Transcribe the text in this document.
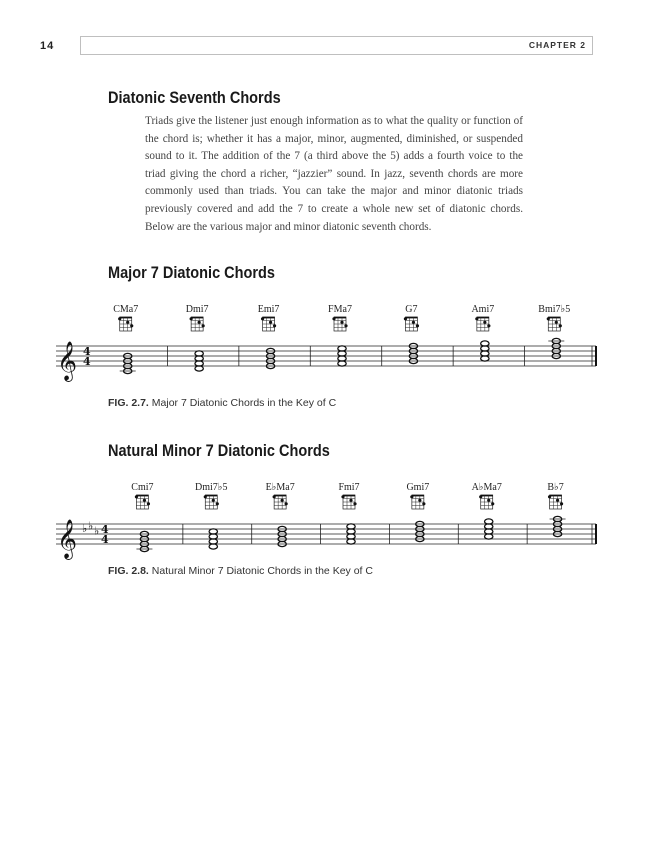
14	CHAPTER 2
Diatonic Seventh Chords

Triads give the listener just enough information as to what the quality or function of the chord is; whether it has a major, minor, augmented, diminished, or suspended sound to it. The addition of the 7 (a third above the 5) adds a fourth voice to the triad giving the chord a richer, “jazzier” sound. In jazz, seventh chords are more commonly used than triads. You can take the major and minor diatonic triads previously covered and add the 7 to create a whole new set of diatonic chords. Below are the various major and minor diatonic seventh chords.

Major 7 Diatonic Chords
𝄞 4
4
CMa7	Dmi7	Emi7	FMa7	G7	Ami7	Bmi7♭5

FIG. 2.7. Major 7 Diatonic Chords in the Key of C

Natural Minor 7 Diatonic Chords
𝄞 ♭ ♭ ♭ 4
4
Cmi7	Dmi7♭5	E♭Ma7	Fmi7	Gmi7	A♭Ma7	B♭7

FIG. 2.8. Natural Minor 7 Diatonic Chords in the Key of C
